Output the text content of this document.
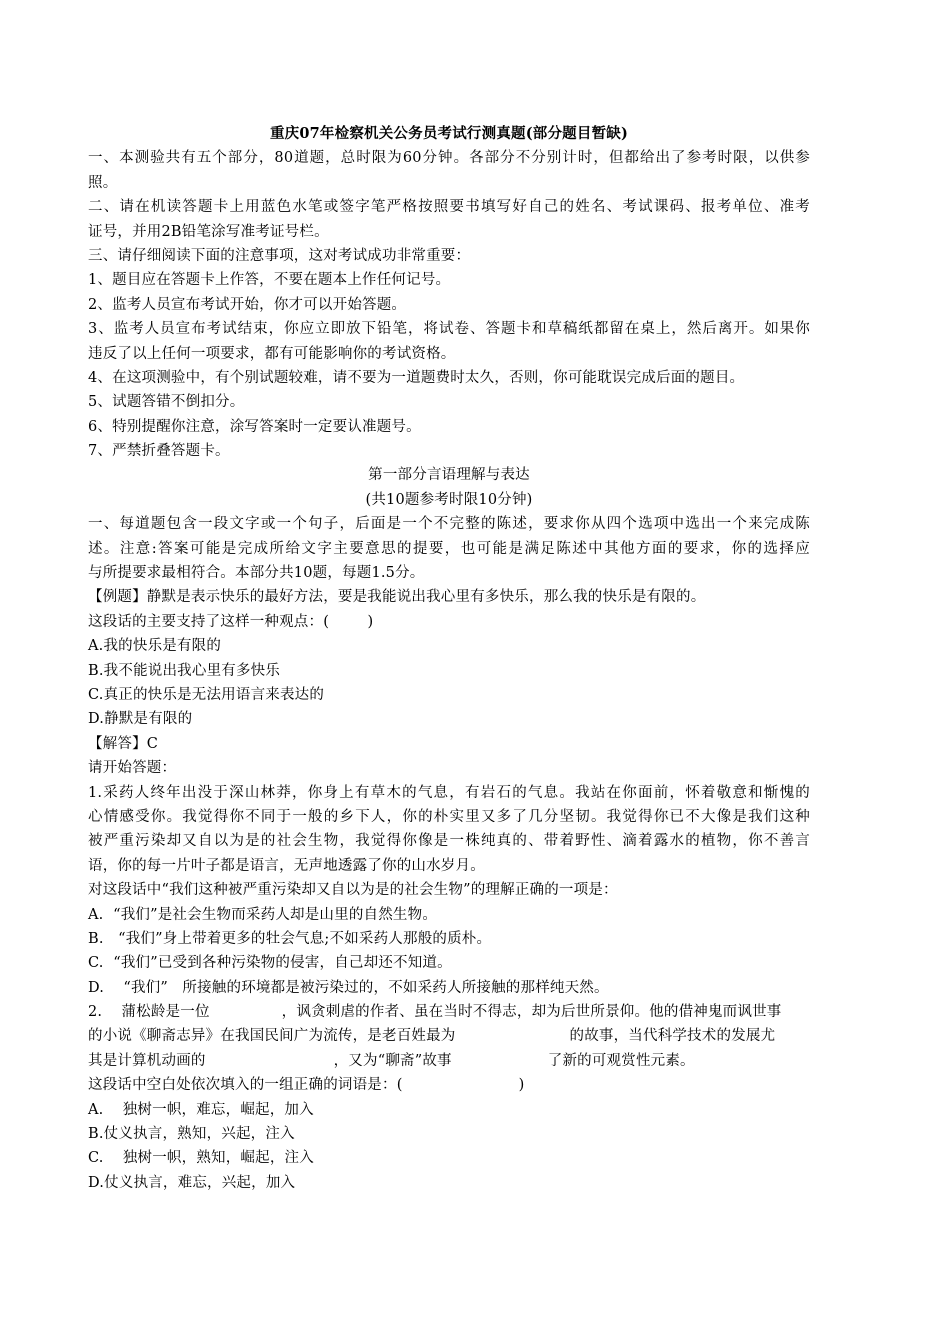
重庆07年检察机关公务员考试行测真题(部分题目暂缺)
一、本测验共有五个部分，80道题，总时限为60分钟。各部分不分别计时，但都给出了参考时限，以供参
照。
二、请在机读答题卡上用蓝色水笔或签字笔严格按照要书填写好自己的姓名、考试课码、报考单位、准考
证号，并用2B铅笔涂写准考证号栏。
三、请仔细阅读下面的注意事项，这对考试成功非常重要：
1、题目应在答题卡上作答，不要在题本上作任何记号。
2、监考人员宣布考试开始，你才可以开始答题。
3、监考人员宣布考试结束，你应立即放下铅笔，将试卷、答题卡和草稿纸都留在桌上，然后离开。如果你
违反了以上任何一项要求，都有可能影响你的考试资格。
4、在这项测验中，有个别试题较难，请不要为一道题费时太久，否则，你可能耽误完成后面的题目。
5、试题答错不倒扣分。
6、特别提醒你注意，涂写答案时一定要认准题号。
7、严禁折叠答题卡。
第一部分言语理解与表达
(共10题参考时限10分钟)
一、每道题包含一段文字或一个句子，后面是一个不完整的陈述，要求你从四个选项中选出一个来完成陈
述。注意:答案可能是完成所给文字主要意思的提要，也可能是满足陈述中其他方面的要求，你的选择应
与所提要求最相符合。本部分共10题，每题1.5分。
【例题】静默是表示快乐的最好方法，要是我能说出我心里有多快乐，那么我的快乐是有限的。
这段话的主要支持了这样一种观点：(        )
A.我的快乐是有限的
B.我不能说出我心里有多快乐
C.真正的快乐是无法用语言来表达的
D.静默是有限的
【解答】C
请开始答题：
1.采药人终年出没于深山林莽，你身上有草木的气息，有岩石的气息。我站在你面前，怀着敬意和惭愧的
心情感受你。我觉得你不同于一般的乡下人，你的朴实里又多了几分坚韧。我觉得你已不大像是我们这种
被严重污染却又自以为是的社会生物，我觉得你像是一株纯真的、带着野性、滴着露水的植物，你不善言
语，你的每一片叶子都是语言，无声地透露了你的山水岁月。
对这段话中“我们这种被严重污染却又自以为是的社会生物”的理解正确的一项是：
A.  “我们”是社会生物而采药人却是山里的自然生物。
B.   “我们”身上带着更多的牡会气息;不如采药人那般的质朴。
C.  “我们”已受到各种污染物的侵害，自己却还不知道。
D.    “我们”   所接触的环境都是被污染过的，不如采药人所接触的那样纯天然。
2.    蒲松龄是一位	，讽贪刺虐的作者、虽在当时不得志，却为后世所景仰。他的借神鬼而讽世事
的小说《聊斋志异》在我国民间广为流传，是老百姓最为	的故事，当代科学技术的发展尤
其是计算机动画的	，又为“聊斋”故事	了新的可观赏性元素。
这段话中空白处依次填入的一组正确的词语是：(	)
A.    独树一帜，难忘，崛起，加入
B.仗义执言，熟知，兴起，注入
C.    独树一帜，熟知，崛起，注入
D.仗义执言，难忘，兴起，加入
